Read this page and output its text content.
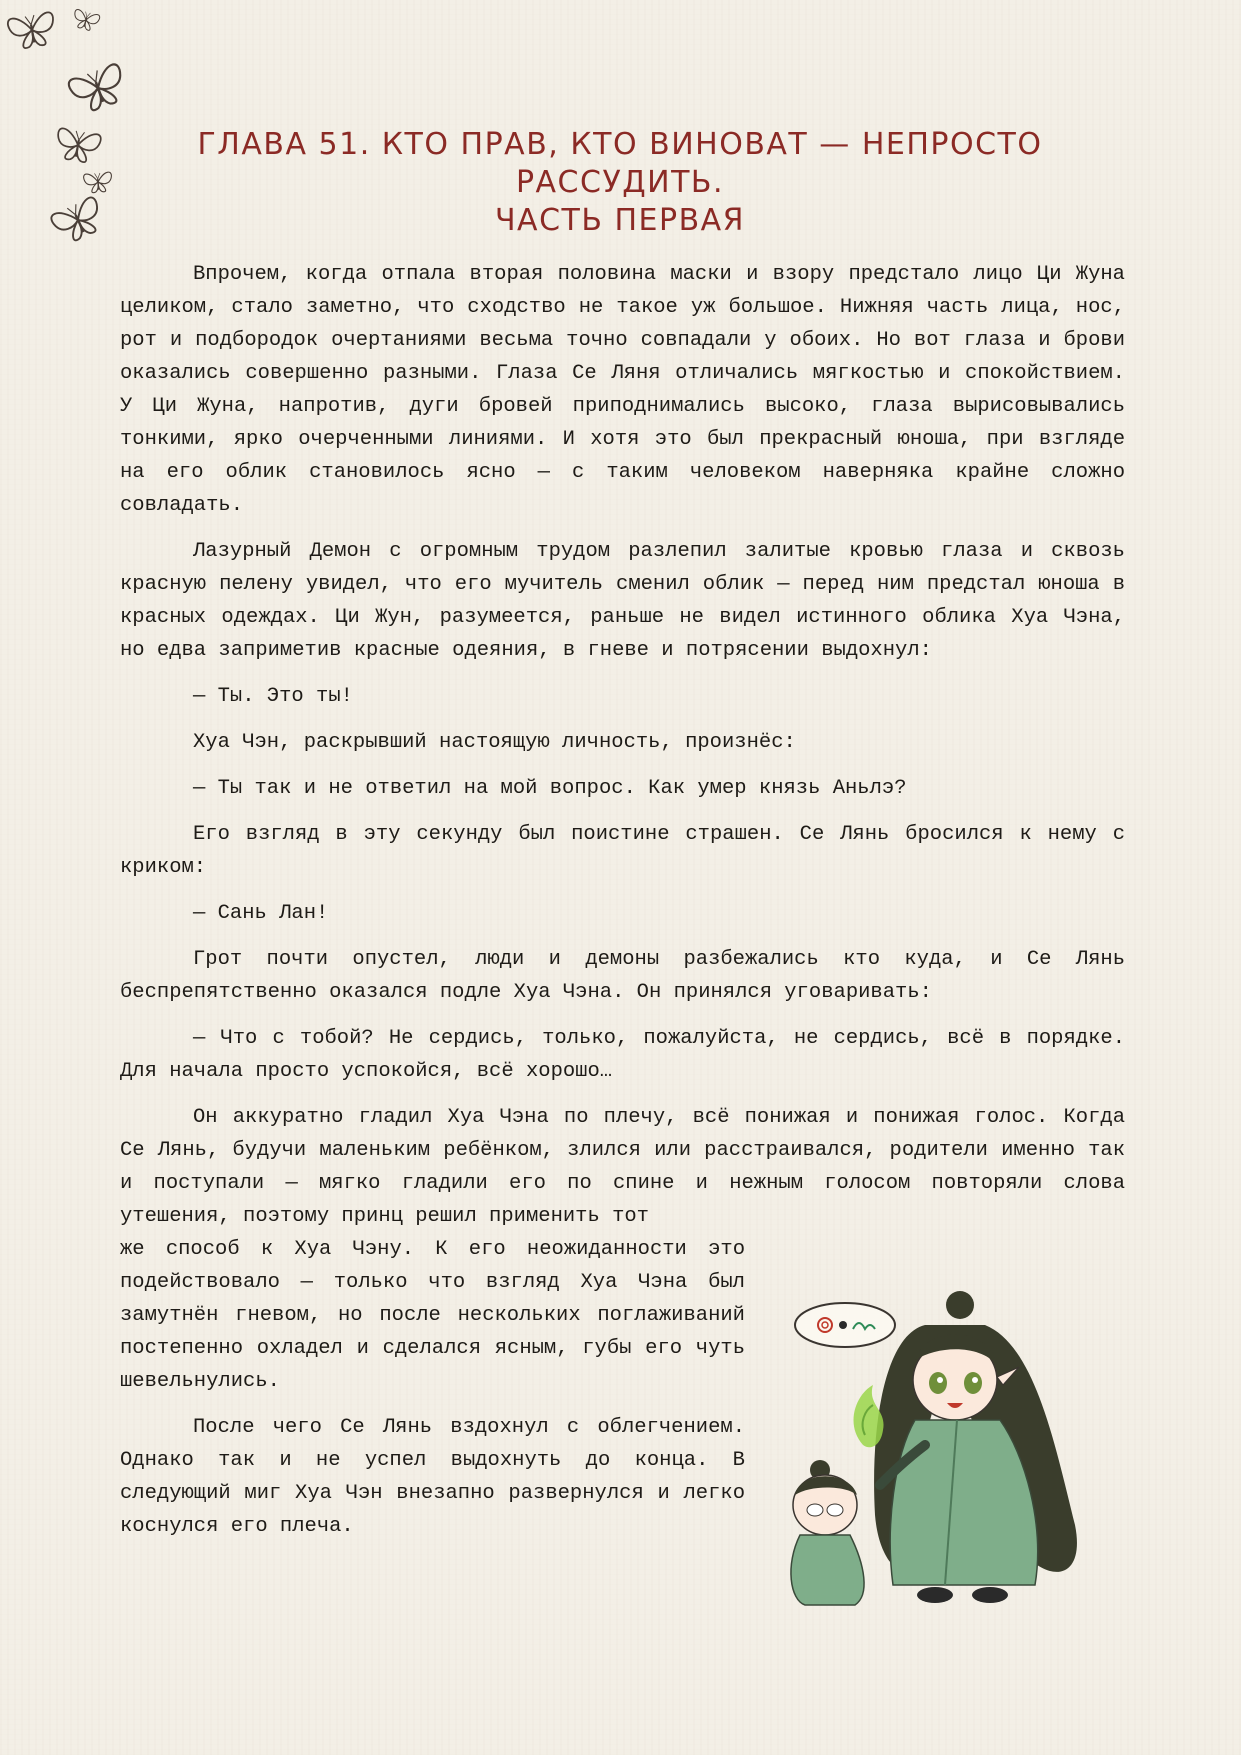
ГЛАВА 51. КТО ПРАВ, КТО ВИНОВАТ — НЕПРОСТО РАССУДИТЬ.
ЧАСТЬ ПЕРВАЯ

Впрочем, когда отпала вторая половина маски и взору предстало лицо Ци Жуна целиком, стало заметно, что сходство не такое уж большое. Нижняя часть лица, нос, рот и подбородок очертаниями весьма точно совпадали у обоих. Но вот глаза и брови оказались совершенно разными. Глаза Се Ляня отличались мягкостью и спокойствием. У Ци Жуна, напротив, дуги бровей приподнимались высоко, глаза вырисовывались тонкими, ярко очерченными линиями. И хотя это был прекрасный юноша, при взгляде на его облик становилось ясно — с таким человеком наверняка крайне сложно совладать.

Лазурный Демон с огромным трудом разлепил залитые кровью глаза и сквозь красную пелену увидел, что его мучитель сменил облик — перед ним предстал юноша в красных одеждах. Ци Жун, разумеется, раньше не видел истинного облика Хуа Чэна, но едва заприметив красные одеяния, в гневе и потрясении выдохнул:

— Ты. Это ты!

Хуа Чэн, раскрывший настоящую личность, произнёс:

— Ты так и не ответил на мой вопрос. Как умер князь Аньлэ?

Его взгляд в эту секунду был поистине страшен. Се Лянь бросился к нему с криком:

— Сань Лан!

Грот почти опустел, люди и демоны разбежались кто куда, и Се Лянь беспрепятственно оказался подле Хуа Чэна. Он принялся уговаривать:

— Что с тобой? Не сердись, только, пожалуйста, не сердись, всё в порядке. Для начала просто успокойся, всё хорошо…

Он аккуратно гладил Хуа Чэна по плечу, всё понижая и понижая голос. Когда Се Лянь, будучи маленьким ребёнком, злился или расстраивался, родители именно так и поступали — мягко гладили его по спине и нежным голосом повторяли слова утешения, поэтому принц решил применить тот

же способ к Хуа Чэну. К его неожиданности это подействовало — только что взгляд Хуа Чэна был замутнён гневом, но после нескольких поглаживаний постепенно охладел и сделался ясным, губы его чуть шевельнулись.

После чего Се Лянь вздохнул с облегчением. Однако так и не успел выдохнуть до конца. В следующий миг Хуа Чэн внезапно развернулся и легко коснулся его плеча.
